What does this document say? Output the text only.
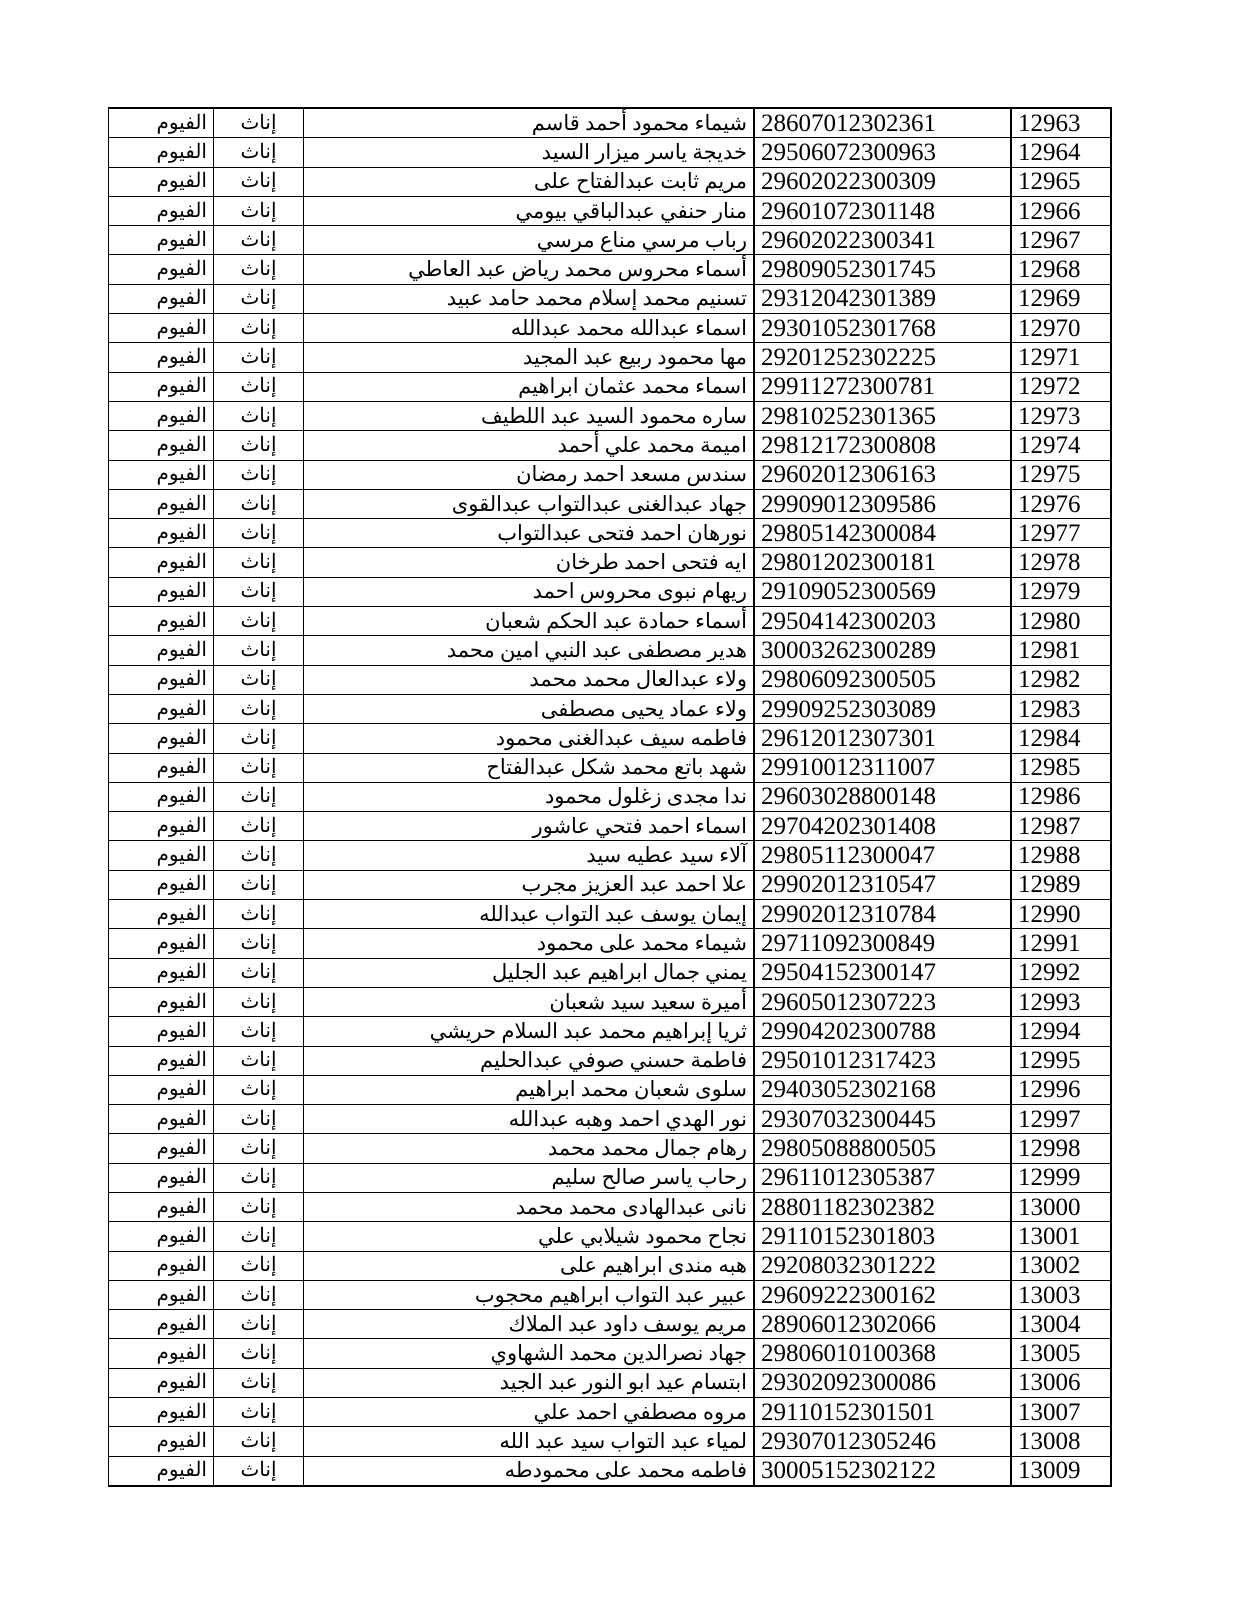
12963	28607012302361	شيماء محمود أحمد قاسم	إناث	الفيوم
12964	29506072300963	خديجة ياسر ميزار السيد	إناث	الفيوم
12965	29602022300309	مريم ثابت عبدالفتاح على	إناث	الفيوم
12966	29601072301148	منار حنفي عبدالباقي بيومي	إناث	الفيوم
12967	29602022300341	رباب مرسي مناع مرسي	إناث	الفيوم
12968	29809052301745	أسماء محروس محمد رياض عبد العاطي	إناث	الفيوم
12969	29312042301389	تسنيم محمد إسلام محمد حامد عبيد	إناث	الفيوم
12970	29301052301768	اسماء عبدالله محمد عبدالله	إناث	الفيوم
12971	29201252302225	مها محمود ربيع عبد المجيد	إناث	الفيوم
12972	29911272300781	اسماء محمد عثمان ابراهيم	إناث	الفيوم
12973	29810252301365	ساره محمود السيد عبد اللطيف	إناث	الفيوم
12974	29812172300808	اميمة محمد علي أحمد	إناث	الفيوم
12975	29602012306163	سندس مسعد احمد رمضان	إناث	الفيوم
12976	29909012309586	جهاد عبدالغنى عبدالتواب عبدالقوى	إناث	الفيوم
12977	29805142300084	نورهان احمد فتحى عبدالتواب	إناث	الفيوم
12978	29801202300181	ايه فتحى احمد طرخان	إناث	الفيوم
12979	29109052300569	ريهام نبوى محروس احمد	إناث	الفيوم
12980	29504142300203	أسماء حمادة عبد الحكم شعبان	إناث	الفيوم
12981	30003262300289	هدير مصطفى عبد النبي امين محمد	إناث	الفيوم
12982	29806092300505	ولاء عبدالعال محمد محمد	إناث	الفيوم
12983	29909252303089	ولاء عماد يحيى مصطفى	إناث	الفيوم
12984	29612012307301	فاطمه سيف عبدالغنى محمود	إناث	الفيوم
12985	29910012311007	شهد باتع محمد شكل عبدالفتاح	إناث	الفيوم
12986	29603028800148	ندا مجدى زغلول محمود	إناث	الفيوم
12987	29704202301408	اسماء احمد فتحي عاشور	إناث	الفيوم
12988	29805112300047	آلاء سيد عطيه سيد	إناث	الفيوم
12989	29902012310547	علا احمد عبد العزيز مجرب	إناث	الفيوم
12990	29902012310784	إيمان يوسف عبد التواب عبدالله	إناث	الفيوم
12991	29711092300849	شيماء محمد على محمود	إناث	الفيوم
12992	29504152300147	يمني جمال ابراهيم عبد الجليل	إناث	الفيوم
12993	29605012307223	أميرة سعيد سيد شعبان	إناث	الفيوم
12994	29904202300788	ثريا إبراهيم محمد عبد السلام حريشي	إناث	الفيوم
12995	29501012317423	فاطمة حسني صوفي عبدالحليم	إناث	الفيوم
12996	29403052302168	سلوى شعبان محمد ابراهيم	إناث	الفيوم
12997	29307032300445	نور الهدي احمد وهبه عبدالله	إناث	الفيوم
12998	29805088800505	رهام جمال محمد محمد	إناث	الفيوم
12999	29611012305387	رحاب ياسر صالح سليم	إناث	الفيوم
13000	28801182302382	نانى عبدالهادى محمد محمد	إناث	الفيوم
13001	29110152301803	نجاح محمود شيلابي علي	إناث	الفيوم
13002	29208032301222	هبه مندى ابراهيم على	إناث	الفيوم
13003	29609222300162	عبير عبد التواب ابراهيم محجوب	إناث	الفيوم
13004	28906012302066	مريم يوسف داود عبد الملاك	إناث	الفيوم
13005	29806010100368	جهاد نصرالدين محمد الشهاوي	إناث	الفيوم
13006	29302092300086	ابتسام عيد ابو النور عبد الجيد	إناث	الفيوم
13007	29110152301501	مروه مصطفي احمد علي	إناث	الفيوم
13008	29307012305246	لمياء عبد التواب سيد عبد الله	إناث	الفيوم
13009	30005152302122	فاطمه محمد على محمودطه	إناث	الفيوم
